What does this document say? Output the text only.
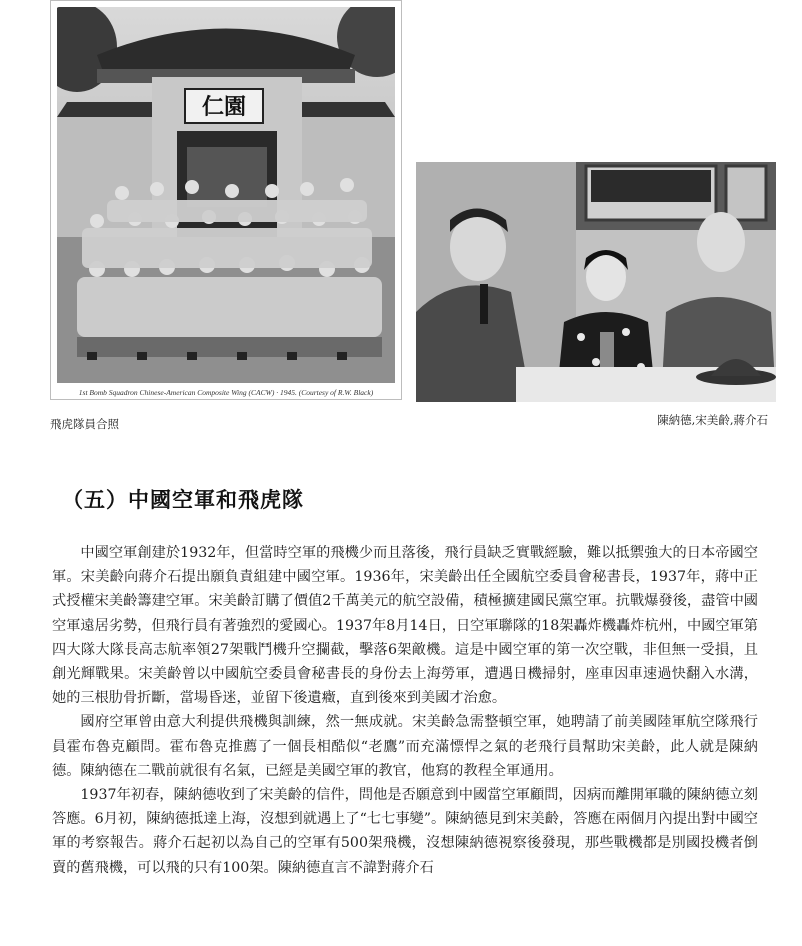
仁園
1st Bomb Squadron Chinese-American Composite Wing (CACW) · 1945. (Courtesy of R.W. Black)
飛虎隊員合照	陳納德,宋美齡,蔣介石
（五）中國空軍和飛虎隊

中國空軍創建於1932年，但當時空軍的飛機少而且落後，飛行員缺乏實戰經驗，難以抵禦強大的日本帝國空軍。宋美齡向蔣介石提出願負責組建中國空軍。1936年，宋美齡出任全國航空委員會秘書長，1937年，蔣中正式授權宋美齡籌建空軍。宋美齡訂購了價值2千萬美元的航空設備，積極擴建國民黨空軍。抗戰爆發後，盡管中國空軍遠居劣勢，但飛行員有著強烈的愛國心。1937年8月14日，日空軍聯隊的18架轟炸機轟炸杭州，中國空軍第四大隊大隊長高志航率領27架戰鬥機升空攔截，擊落6架敵機。這是中國空軍的第一次空戰，非但無一受損，且創光輝戰果。宋美齡曾以中國航空委員會秘書長的身份去上海勞軍，遭遇日機掃射，座車因車速過快翻入水溝，她的三根肋骨折斷，當場昏迷，並留下後遺癥，直到後來到美國才治愈。

國府空軍曾由意大利提供飛機與訓練，然一無成就。宋美齡急需整頓空軍，她聘請了前美國陸軍航空隊飛行員霍布魯克顧問。霍布魯克推薦了一個長相酷似“老鷹”而充滿慓悍之氣的老飛行員幫助宋美齡，此人就是陳納德。陳納德在二戰前就很有名氣，已經是美國空軍的教官，他寫的教程全軍通用。

1937年初春，陳納德收到了宋美齡的信件，問他是否願意到中國當空軍顧問，因病而離開軍職的陳納德立刻答應。6月初，陳納德抵達上海，沒想到就遇上了“七七事變”。陳納德見到宋美齡，答應在兩個月內提出對中國空軍的考察報告。蔣介石起初以為自己的空軍有500架飛機，沒想陳納德視察後發現，那些戰機都是別國投機者倒賣的舊飛機，可以飛的只有100架。陳納德直言不諱對蔣介石
